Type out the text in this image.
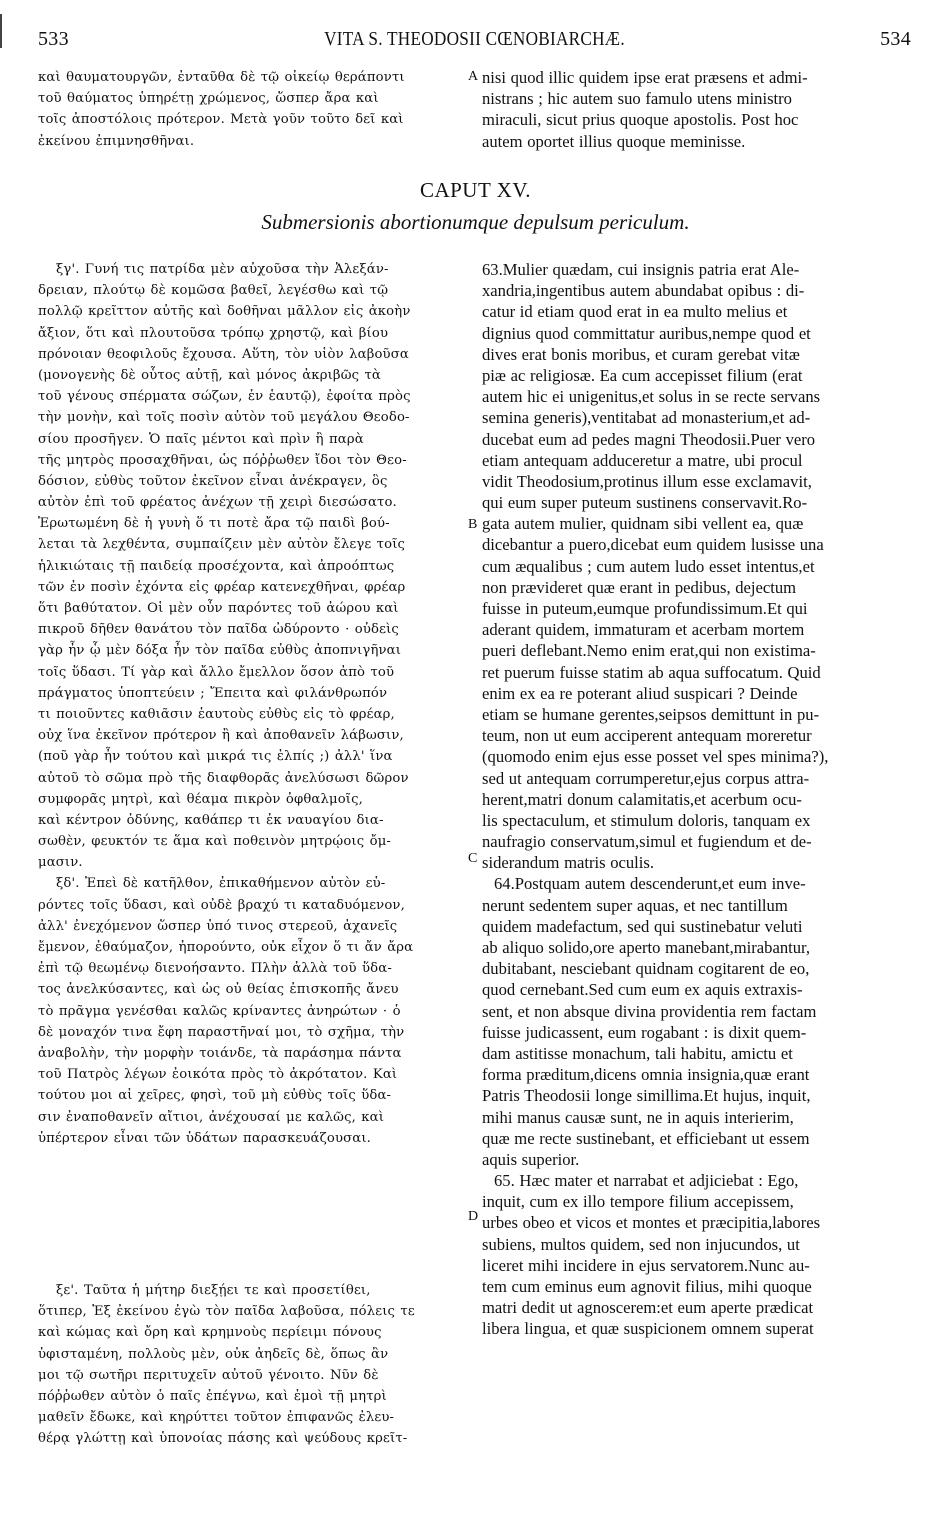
533	VITA S. THEODOSII CŒNOBIARCHÆ.	534
καὶ θαυματουργῶν, ἐνταῦθα δὲ τῷ οἰκείῳ θεράποντι
τοῦ θαύματος ὑπηρέτῃ χρώμενος, ὥσπερ ἄρα καὶ
τοῖς ἀποστόλοις πρότερον. Μετὰ γοῦν τοῦτο δεῖ καὶ
ἐκείνου ἐπιμνησθῆναι.
A nisi quod illic quidem ipse erat præsens et admi-
nistrans ; hic autem suo famulo utens ministro
miraculi, sicut prius quoque apostolis. Post hoc
autem oportet illius quoque meminisse.
CAPUT XV.
Submersionis abortionumque depulsum periculum.
ξγ'. Γυνή τις πατρίδα μὲν αὐχοῦσα τὴν Ἀλεξάν-
δρειαν, πλούτῳ δὲ κομῶσα βαθεῖ, λεγέσθω καὶ τῷ
πολλῷ κρεῖττον αὐτῆς καὶ δοθῆναι μᾶλλον εἰς ἀκοὴν
ἄξιον, ὅτι καὶ πλουτοῦσα τρόπῳ χρηστῷ, καὶ βίου
πρόνοιαν θεοφιλοῦς ἔχουσα. Αὕτη, τὸν υἱὸν λαβοῦσα
(μονογενὴς δὲ οὗτος αὐτῇ, καὶ μόνος ἀκριβῶς τὰ
τοῦ γένους σπέρματα σώζων, ἐν ἑαυτῷ), ἐφοίτα πρὸς
τὴν μονὴν, καὶ τοῖς ποσὶν αὐτὸν τοῦ μεγάλου Θεοδο-
σίου προσῆγεν. Ὁ παῖς μέντοι καὶ πρὶν ἢ παρὰ
τῆς μητρὸς προσαχθῆναι, ὡς πόῤῥωθεν ἴδοι τὸν Θεο-
δόσιον, εὐθὺς τοῦτον ἐκεῖνον εἶναι ἀνέκραγεν, ὃς
αὐτὸν ἐπὶ τοῦ φρέατος ἀνέχων τῇ χειρὶ διεσώσατο.
Ἐρωτωμένη δὲ ἡ γυνὴ ὅ τι ποτὲ ἄρα τῷ παιδὶ βού-
λεται τὰ λεχθέντα, συμπαίζειν μὲν αὐτὸν ἔλεγε τοῖς
ἡλικιώταις τῇ παιδείᾳ προσέχοντα, καὶ ἀπροόπτως
τῶν ἐν ποσὶν ἐχόντα εἰς φρέαρ κατενεχθῆναι, φρέαρ
ὅτι βαθύτατον. Οἱ μὲν οὖν παρόντες τοῦ ἀώρου καὶ
πικροῦ δῆθεν θανάτου τὸν παῖδα ὠδύροντο · οὐδεὶς
γὰρ ἦν ᾧ μὲν δόξα ἦν τὸν παῖδα εὐθὺς ἀποπνιγῆναι
τοῖς ὕδασι. Τί γὰρ καὶ ἄλλο ἔμελλον ὅσον ἀπὸ τοῦ
πράγματος ὑποπτεύειν ; Ἔπειτα καὶ φιλάνθρωπόν
τι ποιοῦντες καθιᾶσιν ἑαυτοὺς εὐθὺς εἰς τὸ φρέαρ,
οὐχ ἵνα ἐκεῖνον πρότερον ἢ καὶ ἀποθανεῖν λάβωσιν,
(ποῦ γὰρ ἦν τούτου καὶ μικρά τις ἐλπίς ;) ἀλλ' ἵνα
αὐτοῦ τὸ σῶμα πρὸ τῆς διαφθορᾶς ἀνελύσωσι δῶρον
συμφορᾶς μητρὶ, καὶ θέαμα πικρὸν ὀφθαλμοῖς,
καὶ κέντρον ὀδύνης, καθάπερ τι ἐκ ναυαγίου δια-
σωθὲν, φευκτόν τε ἅμα καὶ ποθεινὸν μητρῴοις ὄμ-
μασιν.
ξδ'. Ἐπεὶ δὲ κατῆλθον, ἐπικαθήμενον αὐτὸν εὑ-
ρόντες τοῖς ὕδασι, καὶ οὐδὲ βραχύ τι καταδυόμενον,
ἀλλ' ἐνεχόμενον ὥσπερ ὑπό τινος στερεοῦ, ἀχανεῖς
ἔμενον, ἐθαύμαζον, ἠπορούντο, οὐκ εἶχον ὅ τι ἄν ἄρα
ἐπὶ τῷ θεωμένῳ διενοήσαντο. Πλὴν ἀλλὰ τοῦ ὕδα-
τος ἀνελκύσαντες, καὶ ὡς οὐ θείας ἐπισκοπῆς ἄνευ
τὸ πρᾶγμα γενέσθαι καλῶς κρίναντες ἀνηρώτων · ὁ
δὲ μοναχόν τινα ἔφη παραστῆναί μοι, τὸ σχῆμα, τὴν
ἀναβολὴν, τὴν μορφὴν τοιάνδε, τὰ παράσημα πάντα
τοῦ Πατρὸς λέγων ἐοικότα πρὸς τὸ ἀκρότατον. Καὶ
τούτου μοι αἱ χεῖρες, φησὶ, τοῦ μὴ εὐθὺς τοῖς ὕδα-
σιν ἐναποθανεῖν αἴτιοι, ἀνέχουσαί με καλῶς, καὶ
ὑπέρτερον εἶναι τῶν ὑδάτων παρασκευάζουσαι.
ξε'. Ταῦτα ἡ μήτηρ διεξῄει τε καὶ προσετίθει,
ὅτιπερ, Ἐξ ἐκείνου ἐγὼ τὸν παῖδα λαβοῦσα, πόλεις τε
καὶ κώμας καὶ ὄρη καὶ κρημνοὺς περίειμι πόνους
ὑφισταμένη, πολλοὺς μὲν, οὐκ ἀηδεῖς δὲ, ὅπως ἂν
μοι τῷ σωτῆρι περιτυχεῖν αὐτοῦ γένοιτο. Νῦν δὲ
πόῤῥωθεν αὐτὸν ὁ παῖς ἐπέγνω, καὶ ἐμοὶ τῇ μητρὶ
μαθεῖν ἔδωκε, καὶ κηρύττει τοῦτον ἐπιφανῶς ἐλευ-
θέρᾳ γλώττῃ καὶ ὑπονοίας πάσης καὶ ψεύδους κρεῖτ-
B
C
D
63.Mulier quædam, cui insignis patria erat Ale-
xandria,ingentibus autem abundabat opibus : di-
catur id etiam quod erat in ea multo melius et
dignius quod committatur auribus,nempe quod et
dives erat bonis moribus, et curam gerebat vitæ
piæ ac religiosæ. Ea cum accepisset filium (erat
autem hic ei unigenitus,et solus in se recte servans
semina generis),ventitabat ad monasterium,et ad-
ducebat eum ad pedes magni Theodosii.Puer vero
etiam antequam adduceretur a matre, ubi procul
vidit Theodosium,protinus illum esse exclamavit,
qui eum super puteum sustinens conservavit.Ro-
gata autem mulier, quidnam sibi vellent ea, quæ
dicebantur a puero,dicebat eum quidem lusisse una
cum æqualibus ; cum autem ludo esset intentus,et
non prævideret quæ erant in pedibus, dejectum
fuisse in puteum,eumque profundissimum.Et qui
aderant quidem, immaturam et acerbam mortem
pueri deflebant.Nemo enim erat,qui non existima-
ret puerum fuisse statim ab aqua suffocatum. Quid
enim ex ea re poterant aliud suspicari ? Deinde
etiam se humane gerentes,seipsos demittunt in pu-
teum, non ut eum acciperent antequam moreretur
(quomodo enim ejus esse posset vel spes minima?),
sed ut antequam corrumperetur,ejus corpus attra-
herent,matri donum calamitatis,et acerbum ocu-
lis spectaculum, et stimulum doloris, tanquam ex
naufragio conservatum,simul et fugiendum et de-
siderandum matris oculis.
64.Postquam autem descenderunt,et eum inve-
nerunt sedentem super aquas, et nec tantillum
quidem madefactum, sed qui sustinebatur veluti
ab aliquo solido,ore aperto manebant,mirabantur,
dubitabant, nesciebant quidnam cogitarent de eo,
quod cernebant.Sed cum eum ex aquis extraxis-
sent, et non absque divina providentia rem factam
fuisse judicassent, eum rogabant : is dixit quem-
dam astitisse monachum, tali habitu, amictu et
forma præditum,dicens omnia insignia,quæ erant
Patris Theodosii longe simillima.Et hujus, inquit,
mihi manus causæ sunt, ne in aquis interierim,
quæ me recte sustinebant, et efficiebant ut essem
aquis superior.
65. Hæc mater et narrabat et adjiciebat : Ego,
inquit, cum ex illo tempore filium accepissem,
urbes obeo et vicos et montes et præcipitia,labores
subiens, multos quidem, sed non injucundos, ut
liceret mihi incidere in ejus servatorem.Nunc au-
tem cum eminus eum agnovit filius, mihi quoque
matri dedit ut agnoscerem:et eum aperte prædicat
libera lingua, et quæ suspicionem omnem superat
